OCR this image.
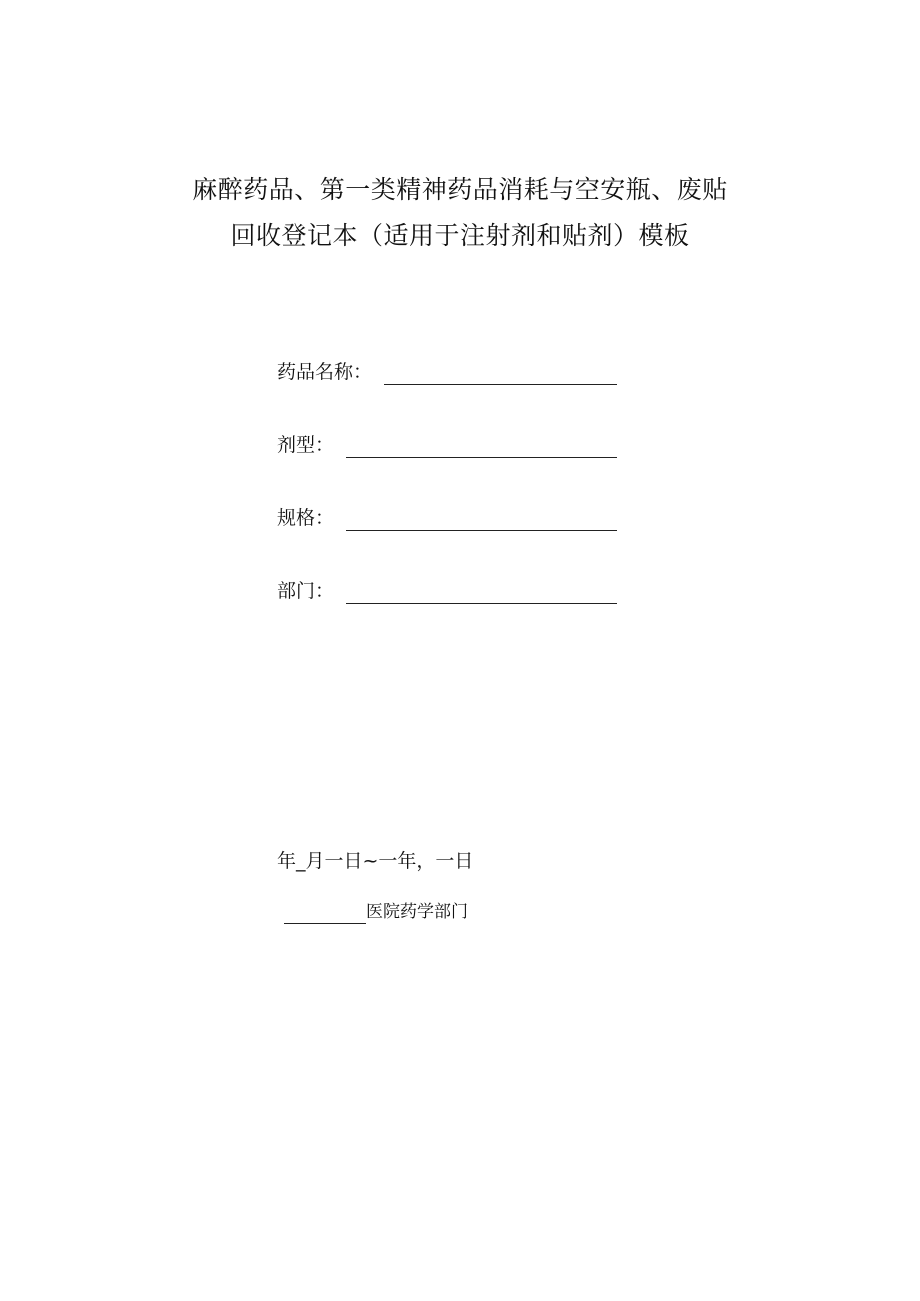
麻醉药品、第一类精神药品消耗与空安瓶、废贴
回收登记本（适用于注射剂和贴剂）模板
药品名称：
剂型：
规格：
部门：
年_月一日~一年，一日
医院药学部门
